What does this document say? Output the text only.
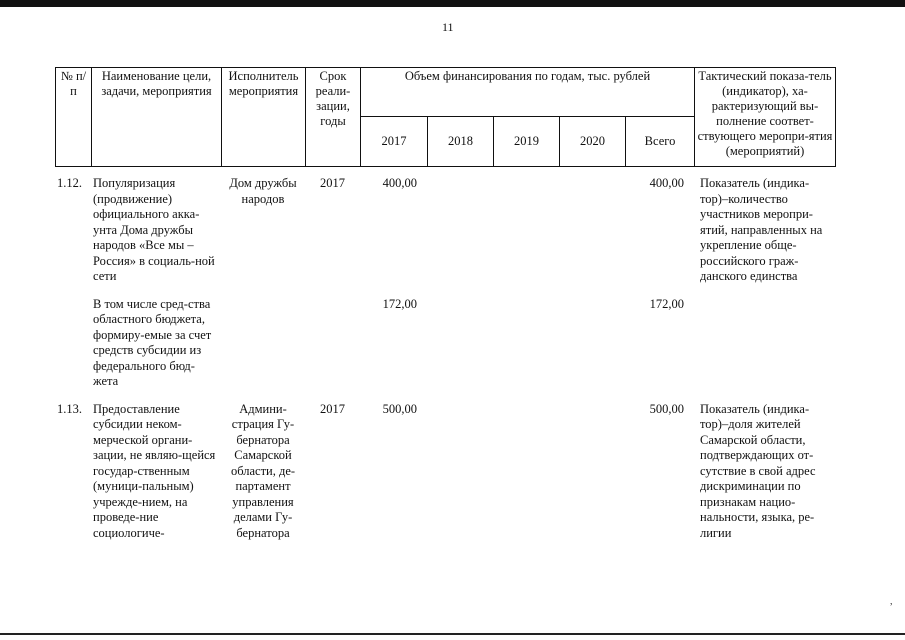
11
№ п/п	Наименование цели, задачи, мероприятия	Исполнитель мероприятия	Срок реали-зации, годы	Объем финансирования по годам, тыс. рублей					Тактический показа-тель (индикатор), ха-рактеризующий вы-полнение соответ-ствующего меропри-ятия (мероприятий)
				2017	2018	2019	2020	Всего	
1.12.	Популяризация (продвижение) официального акка-унта Дома дружбы народов «Все мы – Россия» в социаль-ной сети	Дом дружбы народов	2017	400,00				400,00	Показатель (индика-тор)–количество участников меропри-ятий, направленных на укрепление обще-российского граж-данского единства

	В том числе сред-ства областного бюджета, формиру-емые за счет средств субсидии из федерального бюд-жета			172,00				172,00	

1.13.	Предоставление субсидии неком-мерческой органи-зации, не являю-щейся государ-ственным (муници-пальным) учрежде-нием, на проведе-ние социологиче-	Админи-страция Гу-бернатора Самарской области, де-партамент управления делами Гу-бернатора	2017	500,00				500,00	Показатель (индика-тор)–доля жителей Самарской области, подтверждающих от-сутствие в свой адрес дискриминации по признакам нацио-нальности, языка, ре-лигии
,
